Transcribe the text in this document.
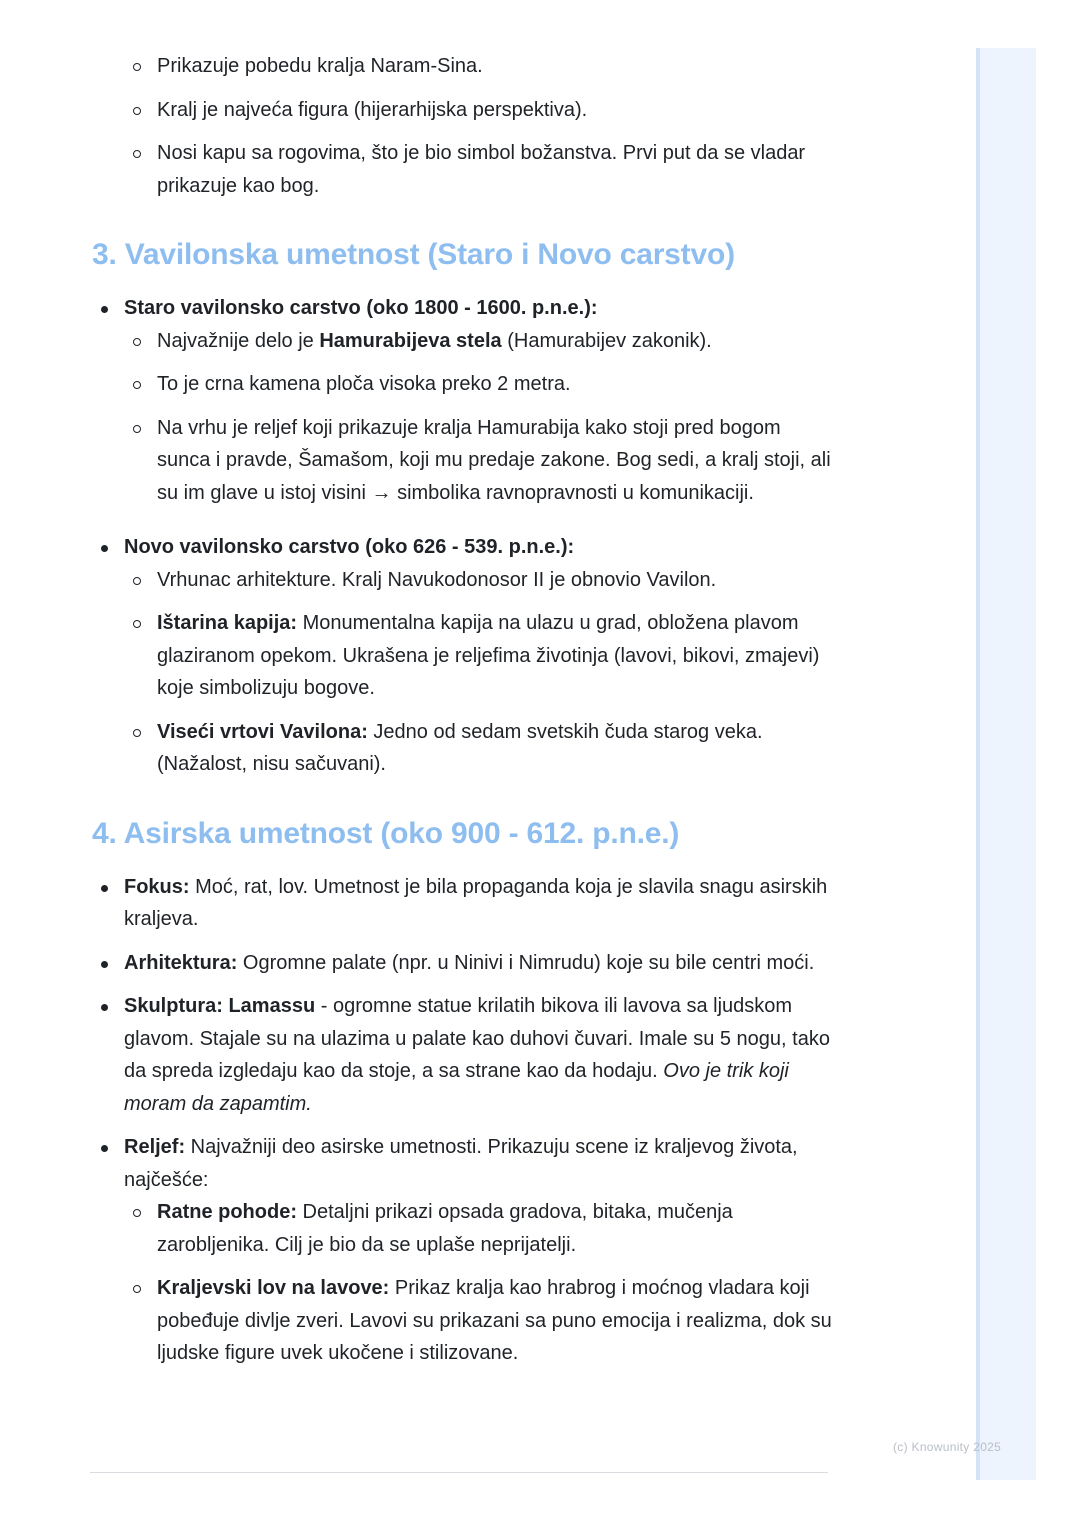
Prikazuje pobedu kralja Naram-Sina.
Kralj je najveća figura (hijerarhijska perspektiva).
Nosi kapu sa rogovima, što je bio simbol božanstva. Prvi put da se vladar prikazuje kao bog.
3. Vavilonska umetnost (Staro i Novo carstvo)
Staro vavilonsko carstvo (oko 1800 - 1600. p.n.e.):
Najvažnije delo je Hamurabijeva stela (Hamurabijev zakonik).
To je crna kamena ploča visoka preko 2 metra.
Na vrhu je reljef koji prikazuje kralja Hamurabija kako stoji pred bogom sunca i pravde, Šamašom, koji mu predaje zakone. Bog sedi, a kralj stoji, ali su im glave u istoj visini → simbolika ravnopravnosti u komunikaciji.
Novo vavilonsko carstvo (oko 626 - 539. p.n.e.):
Vrhunac arhitekture. Kralj Navukodonosor II je obnovio Vavilon.
Ištarina kapija: Monumentalna kapija na ulazu u grad, obložena plavom glaziranom opekom. Ukrašena je reljefima životinja (lavovi, bikovi, zmajevi) koje simbolizuju bogove.
Viseći vrtovi Vavilona: Jedno od sedam svetskih čuda starog veka. (Nažalost, nisu sačuvani).
4. Asirska umetnost (oko 900 - 612. p.n.e.)
Fokus: Moć, rat, lov. Umetnost je bila propaganda koja je slavila snagu asirskih kraljeva.
Arhitektura: Ogromne palate (npr. u Ninivi i Nimrudu) koje su bile centri moći.
Skulptura: Lamassu - ogromne statue krilatih bikova ili lavova sa ljudskom glavom. Stajale su na ulazima u palate kao duhovi čuvari. Imale su 5 nogu, tako da spreda izgledaju kao da stoje, a sa strane kao da hodaju. Ovo je trik koji moram da zapamtim.
Reljef: Najvažniji deo asirske umetnosti. Prikazuju scene iz kraljevog života, najčešće:
Ratne pohode: Detaljni prikazi opsada gradova, bitaka, mučenja zarobljenika. Cilj je bio da se uplaše neprijatelji.
Kraljevski lov na lavove: Prikaz kralja kao hrabrog i moćnog vladara koji pobeđuje divlje zveri. Lavovi su prikazani sa puno emocija i realizma, dok su ljudske figure uvek ukočene i stilizovane.
(c) Knowunity 2025
